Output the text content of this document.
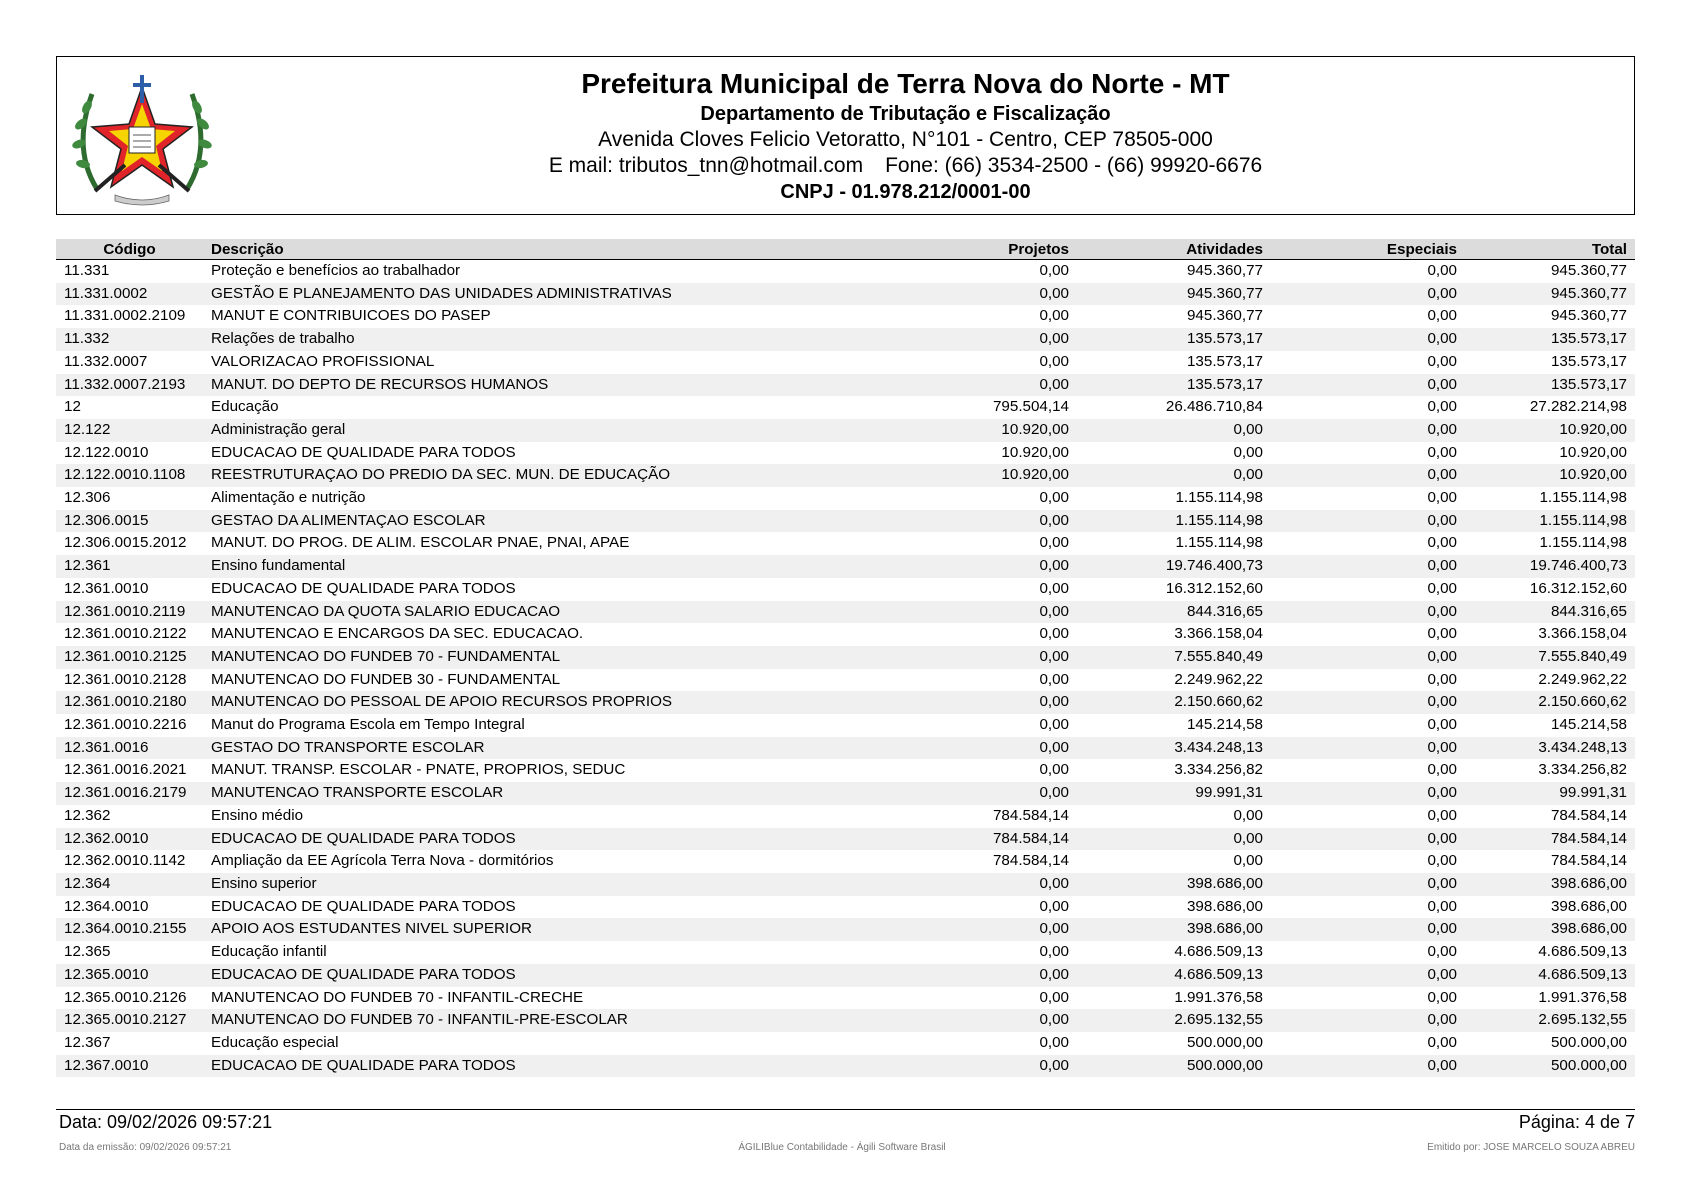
Prefeitura Municipal de Terra Nova do Norte - MT
Departamento de Tributação e Fiscalização
Avenida Cloves Felicio Vetoratto, N°101 - Centro, CEP 78505-000
E mail: tributos_tnn@hotmail.com Fone: (66) 3534-2500 - (66) 99920-6676
CNPJ - 01.978.212/0001-00
Código	Descrição	Projetos	Atividades	Especiais	Total
11.331	Proteção e benefícios ao trabalhador	0,00	945.360,77	0,00	945.360,77
11.331.0002	GESTÃO E PLANEJAMENTO DAS UNIDADES ADMINISTRATIVAS	0,00	945.360,77	0,00	945.360,77
11.331.0002.2109	MANUT E CONTRIBUICOES DO PASEP	0,00	945.360,77	0,00	945.360,77
11.332	Relações de trabalho	0,00	135.573,17	0,00	135.573,17
11.332.0007	VALORIZACAO PROFISSIONAL	0,00	135.573,17	0,00	135.573,17
11.332.0007.2193	MANUT. DO DEPTO DE RECURSOS HUMANOS	0,00	135.573,17	0,00	135.573,17
12	Educação	795.504,14	26.486.710,84	0,00	27.282.214,98
12.122	Administração geral	10.920,00	0,00	0,00	10.920,00
12.122.0010	EDUCACAO DE QUALIDADE PARA TODOS	10.920,00	0,00	0,00	10.920,00
12.122.0010.1108	REESTRUTURAÇAO DO PREDIO DA SEC. MUN. DE EDUCAÇÃO	10.920,00	0,00	0,00	10.920,00
12.306	Alimentação e nutrição	0,00	1.155.114,98	0,00	1.155.114,98
12.306.0015	GESTAO DA ALIMENTAÇAO ESCOLAR	0,00	1.155.114,98	0,00	1.155.114,98
12.306.0015.2012	MANUT. DO PROG. DE ALIM. ESCOLAR PNAE, PNAI, APAE	0,00	1.155.114,98	0,00	1.155.114,98
12.361	Ensino fundamental	0,00	19.746.400,73	0,00	19.746.400,73
12.361.0010	EDUCACAO DE QUALIDADE PARA TODOS	0,00	16.312.152,60	0,00	16.312.152,60
12.361.0010.2119	MANUTENCAO DA QUOTA SALARIO EDUCACAO	0,00	844.316,65	0,00	844.316,65
12.361.0010.2122	MANUTENCAO E ENCARGOS DA SEC. EDUCACAO.	0,00	3.366.158,04	0,00	3.366.158,04
12.361.0010.2125	MANUTENCAO DO FUNDEB 70 - FUNDAMENTAL	0,00	7.555.840,49	0,00	7.555.840,49
12.361.0010.2128	MANUTENCAO DO FUNDEB 30 - FUNDAMENTAL	0,00	2.249.962,22	0,00	2.249.962,22
12.361.0010.2180	MANUTENCAO DO PESSOAL DE APOIO RECURSOS PROPRIOS	0,00	2.150.660,62	0,00	2.150.660,62
12.361.0010.2216	Manut do Programa Escola em Tempo Integral	0,00	145.214,58	0,00	145.214,58
12.361.0016	GESTAO DO TRANSPORTE ESCOLAR	0,00	3.434.248,13	0,00	3.434.248,13
12.361.0016.2021	MANUT. TRANSP. ESCOLAR - PNATE, PROPRIOS, SEDUC	0,00	3.334.256,82	0,00	3.334.256,82
12.361.0016.2179	MANUTENCAO TRANSPORTE ESCOLAR	0,00	99.991,31	0,00	99.991,31
12.362	Ensino médio	784.584,14	0,00	0,00	784.584,14
12.362.0010	EDUCACAO DE QUALIDADE PARA TODOS	784.584,14	0,00	0,00	784.584,14
12.362.0010.1142	Ampliação da EE Agrícola Terra Nova - dormitórios	784.584,14	0,00	0,00	784.584,14
12.364	Ensino superior	0,00	398.686,00	0,00	398.686,00
12.364.0010	EDUCACAO DE QUALIDADE PARA TODOS	0,00	398.686,00	0,00	398.686,00
12.364.0010.2155	APOIO AOS ESTUDANTES NIVEL SUPERIOR	0,00	398.686,00	0,00	398.686,00
12.365	Educação infantil	0,00	4.686.509,13	0,00	4.686.509,13
12.365.0010	EDUCACAO DE QUALIDADE PARA TODOS	0,00	4.686.509,13	0,00	4.686.509,13
12.365.0010.2126	MANUTENCAO DO FUNDEB 70 - INFANTIL-CRECHE	0,00	1.991.376,58	0,00	1.991.376,58
12.365.0010.2127	MANUTENCAO DO FUNDEB 70 - INFANTIL-PRE-ESCOLAR	0,00	2.695.132,55	0,00	2.695.132,55
12.367	Educação especial	0,00	500.000,00	0,00	500.000,00
12.367.0010	EDUCACAO DE QUALIDADE PARA TODOS	0,00	500.000,00	0,00	500.000,00
Data: 09/02/2026 09:57:21	Página: 4 de 7
Data da emissão: 09/02/2026 09:57:21	ÁGILIBlue Contabilidade - Ágili Software Brasil	Emitido por: JOSE MARCELO SOUZA ABREU
